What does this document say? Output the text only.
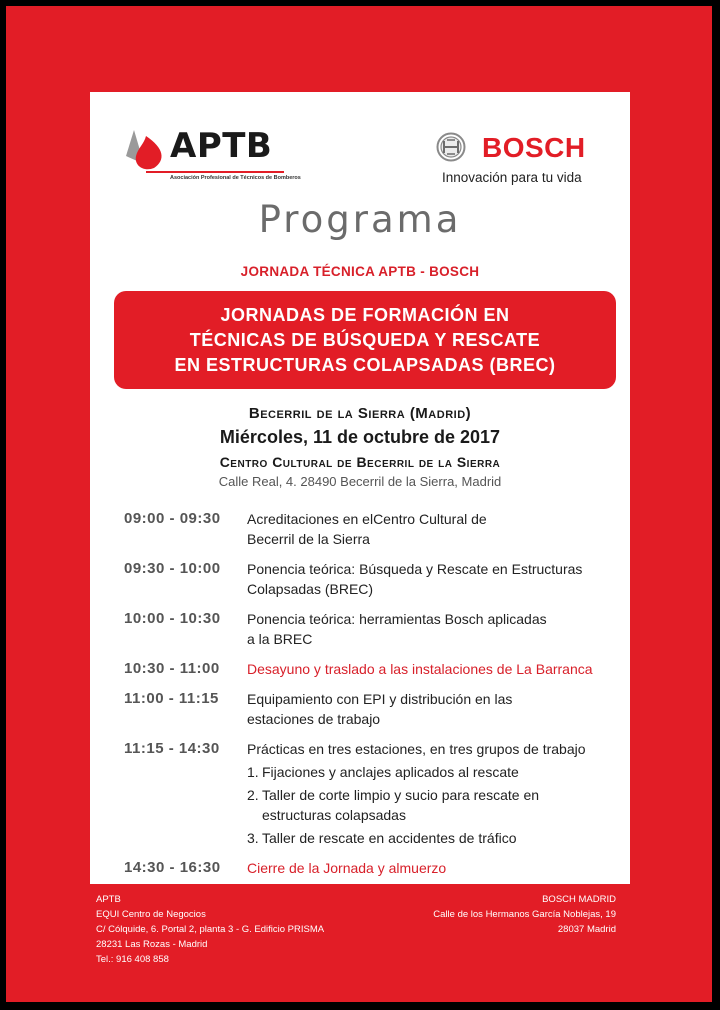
APTB
Asociación Profesional de Técnicos de Bomberos
BOSCH
Innovación para tu vida
Programa
JORNADA TÉCNICA APTB - BOSCH
JORNADAS DE FORMACIÓN EN
TÉCNICAS DE BÚSQUEDA Y RESCATE
EN ESTRUCTURAS COLAPSADAS (BREC)
Becerril de la Sierra (Madrid)
Miércoles, 11 de octubre de 2017
Centro Cultural de Becerril de la Sierra
Calle Real, 4. 28490 Becerril de la Sierra, Madrid
09:00 - 09:30	Acreditaciones en elCentro Cultural de
Becerril de la Sierra
09:30 - 10:00	Ponencia teórica: Búsqueda y Rescate en Estructuras
Colapsadas (BREC)
10:00 - 10:30	Ponencia teórica: herramientas Bosch aplicadas
a la BREC
10:30 - 11:00	Desayuno y traslado a las instalaciones de La Barranca
11:00 - 11:15	Equipamiento con EPI y distribución en las
estaciones de trabajo
11:15 - 14:30	Prácticas en tres estaciones, en tres grupos de trabajo
1. Fijaciones y anclajes aplicados al rescate
2. Taller de corte limpio y sucio para rescate en
estructuras colapsadas
3. Taller de rescate en accidentes de tráfico
14:30 - 16:30	Cierre de la Jornada y almuerzo
APTB
EQUI Centro de Negocios
C/ Cólquide, 6. Portal 2, planta 3 - G. Edificio PRISMA
28231 Las Rozas - Madrid
Tel.: 916 408 858
BOSCH MADRID
Calle de los Hermanos García Noblejas, 19
28037 Madrid
